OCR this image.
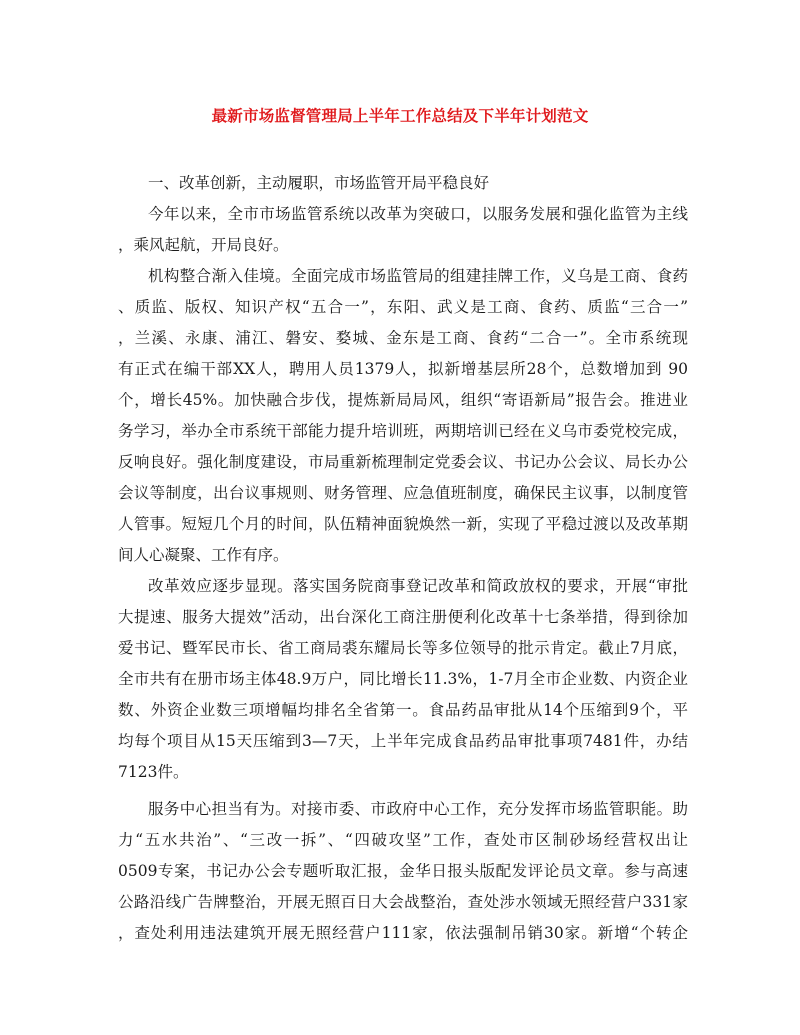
最新市场监督管理局上半年工作总结及下半年计划范文
一、改革创新，主动履职，市场监管开局平稳良好
今年以来，全市市场监管系统以改革为突破口，以服务发展和强化监管为主线
，乘风起航，开局良好。
机构整合渐入佳境。全面完成市场监管局的组建挂牌工作，义乌是工商、食药
、质监、版权、知识产权“五合一”，东阳、武义是工商、食药、质监“三合一”
，兰溪、永康、浦江、磐安、婺城、金东是工商、食药“二合一”。全市系统现
有正式在编干部XX人，聘用人员1379人，拟新增基层所28个，总数增加到 90
个，增长45%。加快融合步伐，提炼新局局风，组织“寄语新局”报告会。推进业
务学习，举办全市系统干部能力提升培训班，两期培训已经在义乌市委党校完成，
反响良好。强化制度建设，市局重新梳理制定党委会议、书记办公会议、局长办公
会议等制度，出台议事规则、财务管理、应急值班制度，确保民主议事，以制度管
人管事。短短几个月的时间，队伍精神面貌焕然一新，实现了平稳过渡以及改革期
间人心凝聚、工作有序。
改革效应逐步显现。落实国务院商事登记改革和简政放权的要求，开展“审批
大提速、服务大提效”活动，出台深化工商注册便利化改革十七条举措，得到徐加
爱书记、暨军民市长、省工商局裘东耀局长等多位领导的批示肯定。截止7月底，
全市共有在册市场主体48.9万户，同比增长11.3%，1-7月全市企业数、内资企业
数、外资企业数三项增幅均排名全省第一。食品药品审批从14个压缩到9个，平
均每个项目从15天压缩到3—7天，上半年完成食品药品审批事项7481件，办结
7123件。
服务中心担当有为。对接市委、市政府中心工作，充分发挥市场监管职能。助
力“五水共治”、“三改一拆”、“四破攻坚”工作，查处市区制砂场经营权出让
0509专案，书记办公会专题听取汇报，金华日报头版配发评论员文章。参与高速
公路沿线广告牌整治，开展无照百日大会战整治，查处涉水领域无照经营户331家
，查处利用违法建筑开展无照经营户111家，依法强制吊销30家。新增“个转企
